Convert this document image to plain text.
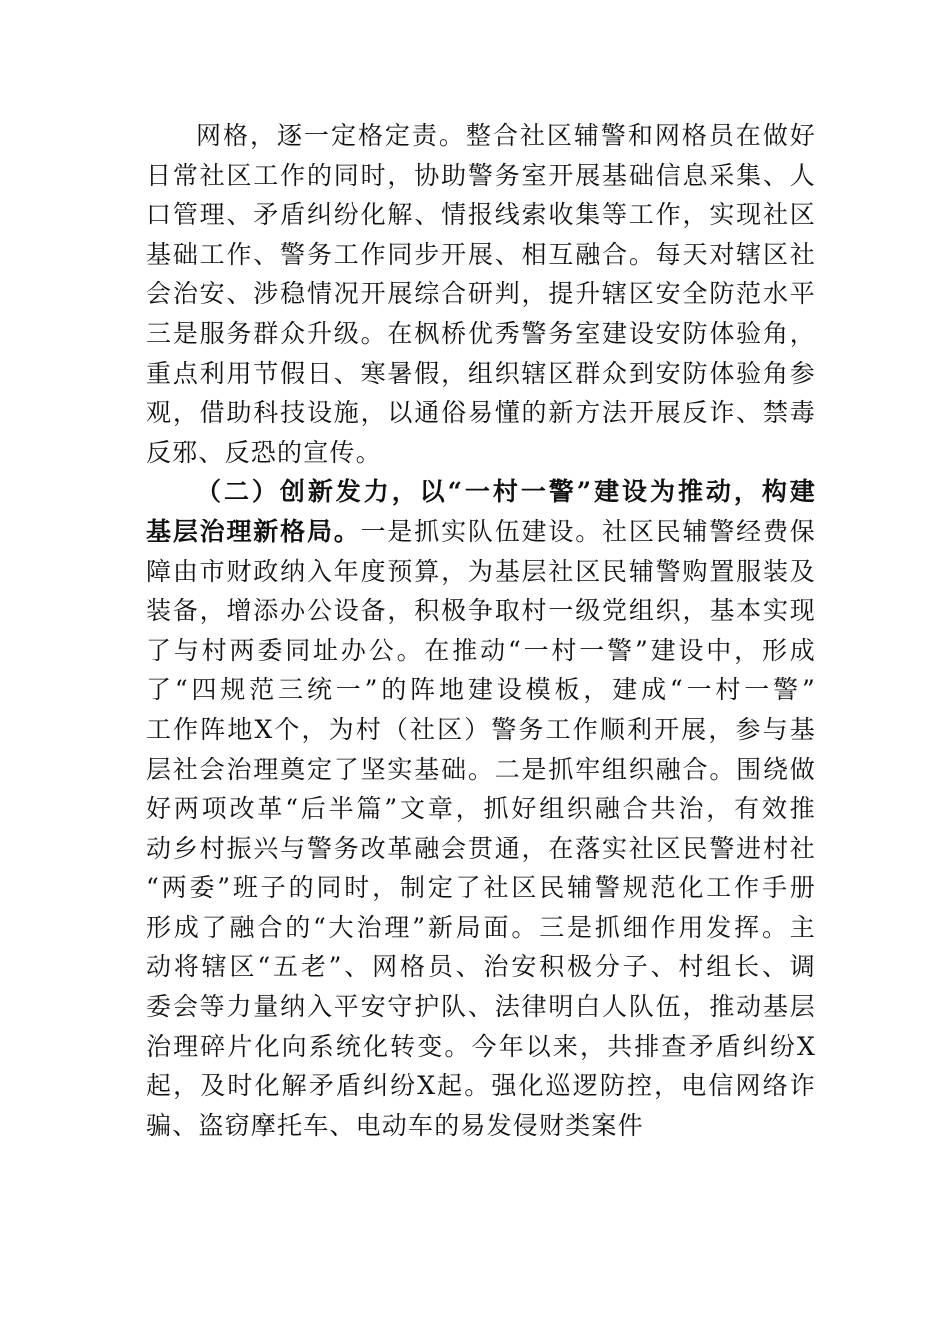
网格，逐一定格定责。整合社区辅警和网格员在做好
日常社区工作的同时，协助警务室开展基础信息采集、人
口管理、矛盾纠纷化解、情报线索收集等工作，实现社区
基础工作、警务工作同步开展、相互融合。每天对辖区社
会治安、涉稳情况开展综合研判，提升辖区安全防范水平
三是服务群众升级。在枫桥优秀警务室建设安防体验角，
重点利用节假日、寒暑假，组织辖区群众到安防体验角参
观，借助科技设施，以通俗易懂的新方法开展反诈、禁毒
反邪、反恐的宣传。
（二）创新发力，以“一村一警”建设为推动，构建
基层治理新格局。一是抓实队伍建设。社区民辅警经费保
障由市财政纳入年度预算，为基层社区民辅警购置服装及
装备，增添办公设备，积极争取村一级党组织，基本实现
了与村两委同址办公。在推动“一村一警”建设中，形成
了“四规范三统一”的阵地建设模板，建成“一村一警”
工作阵地X个，为村（社区）警务工作顺利开展，参与基
层社会治理奠定了坚实基础。二是抓牢组织融合。围绕做
好两项改革“后半篇”文章，抓好组织融合共治，有效推
动乡村振兴与警务改革融会贯通，在落实社区民警进村社
“两委”班子的同时，制定了社区民辅警规范化工作手册
形成了融合的“大治理”新局面。三是抓细作用发挥。主
动将辖区“五老”、网格员、治安积极分子、村组长、调
委会等力量纳入平安守护队、法律明白人队伍，推动基层
治理碎片化向系统化转变。今年以来，共排查矛盾纠纷X
起，及时化解矛盾纠纷X起。强化巡逻防控，电信网络诈
骗、盗窃摩托车、电动车的易发侵财类案件
